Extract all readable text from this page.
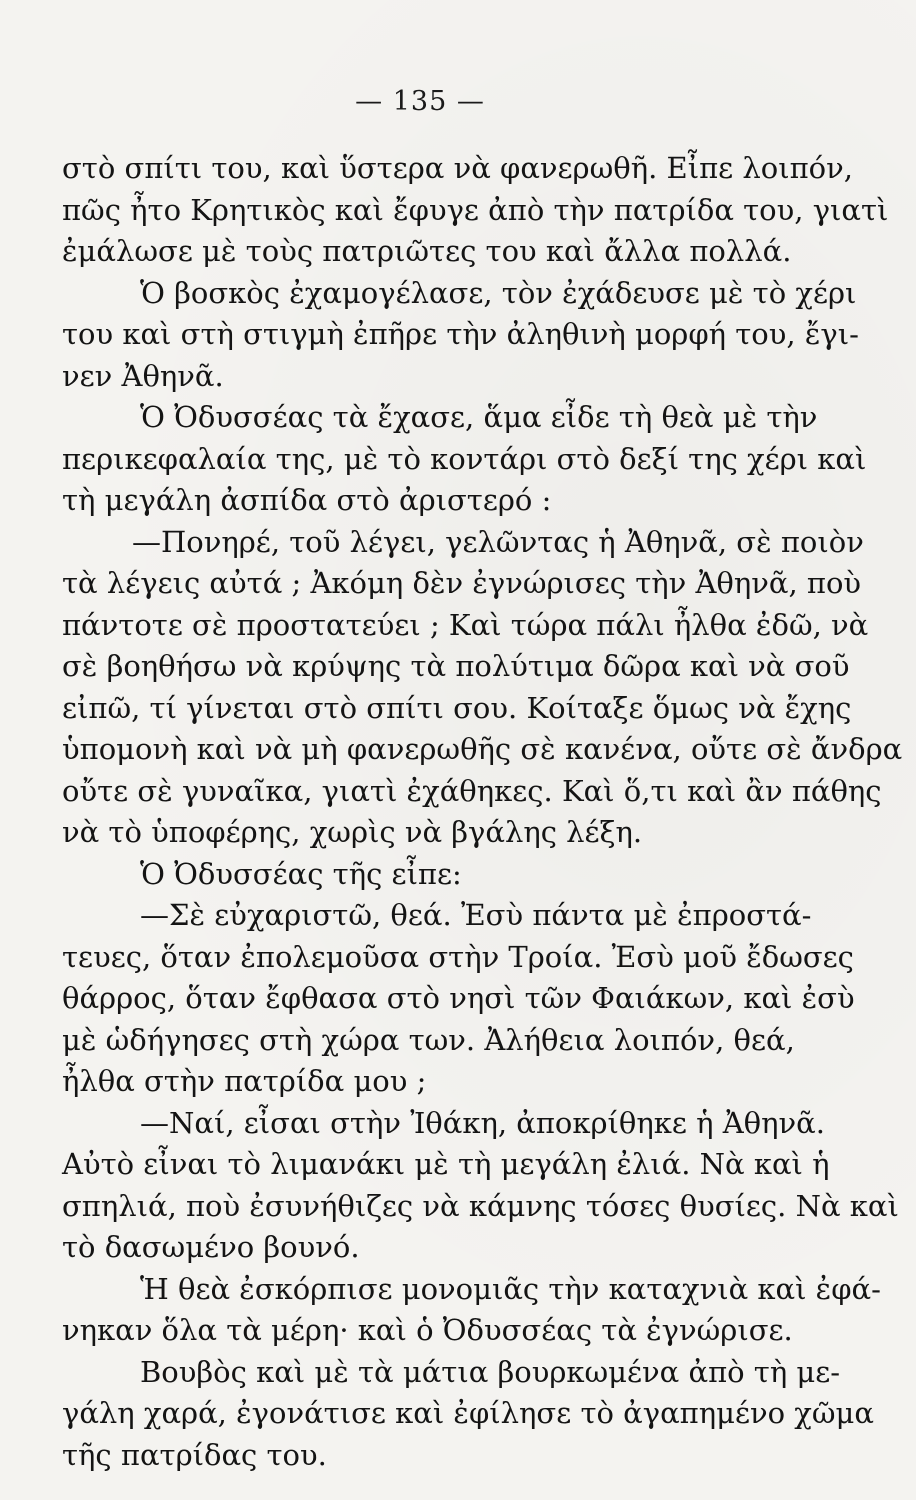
— 135 —
στὸ σπίτι του, καὶ ὕστερα νὰ φανερωθῆ. Εἶπε λοιπόν,
πῶς ἦτο Κρητικὸς καὶ ἔφυγε ἀπὸ τὴν πατρίδα του, γιατὶ
ἐμάλωσε μὲ τοὺς πατριῶτες του καὶ ἄλλα πολλά.
Ὁ βοσκὸς ἐχαμογέλασε, τὸν ἐχάδευσε μὲ τὸ χέρι
του καὶ στὴ στιγμὴ ἐπῆρε τὴν ἀληθινὴ μορφή του, ἔγι-
νεν Ἀθηνᾶ.
Ὁ Ὀδυσσέας τὰ ἔχασε, ἅμα εἶδε τὴ θεὰ μὲ τὴν
περικεφαλαία της, μὲ τὸ κοντάρι στὸ δεξί της χέρι καὶ
τὴ μεγάλη ἀσπίδα στὸ ἀριστερό :
—Πονηρέ, τοῦ λέγει, γελῶντας ἡ Ἀθηνᾶ, σὲ ποιὸν
τὰ λέγεις αὐτά ; Ἀκόμη δὲν ἐγνώρισες τὴν Ἀθηνᾶ, ποὺ
πάντοτε σὲ προστατεύει ; Καὶ τώρα πάλι ἦλθα ἐδῶ, νὰ
σὲ βοηθήσω νὰ κρύψης τὰ πολύτιμα δῶρα καὶ νὰ σοῦ
εἰπῶ, τί γίνεται στὸ σπίτι σου. Κοίταξε ὅμως νὰ ἔχης
ὑπομονὴ καὶ νὰ μὴ φανερωθῆς σὲ κανένα, οὔτε σὲ ἄνδρα
οὔτε σὲ γυναῖκα, γιατὶ ἐχάθηκες. Καὶ ὅ,τι καὶ ἂν πάθης
νὰ τὸ ὑποφέρης, χωρὶς νὰ βγάλης λέξη.
Ὁ Ὀδυσσέας τῆς εἶπε:
—Σὲ εὐχαριστῶ, θεά. Ἐσὺ πάντα μὲ ἐπροστά-
τευες, ὅταν ἐπολεμοῦσα στὴν Τροία. Ἐσὺ μοῦ ἔδωσες
θάρρος, ὅταν ἔφθασα στὸ νησὶ τῶν Φαιάκων, καὶ ἐσὺ
μὲ ὡδήγησες στὴ χώρα των. Ἀλήθεια λοιπόν, θεά,
ἦλθα στὴν πατρίδα μου ;
—Ναί, εἶσαι στὴν Ἰθάκη, ἀποκρίθηκε ἡ Ἀθηνᾶ.
Αὐτὸ εἶναι τὸ λιμανάκι μὲ τὴ μεγάλη ἐλιά. Νὰ καὶ ἡ
σπηλιά, ποὺ ἐσυνήθιζες νὰ κάμνης τόσες θυσίες. Νὰ καὶ
τὸ δασωμένο βουνό.
Ἡ θεὰ ἐσκόρπισε μονομιᾶς τὴν καταχνιὰ καὶ ἐφά-
νηκαν ὅλα τὰ μέρη· καὶ ὁ Ὀδυσσέας τὰ ἐγνώρισε.
Βουβὸς καὶ μὲ τὰ μάτια βουρκωμένα ἀπὸ τὴ με-
γάλη χαρά, ἐγονάτισε καὶ ἐφίλησε τὸ ἀγαπημένο χῶμα
τῆς πατρίδας του.
